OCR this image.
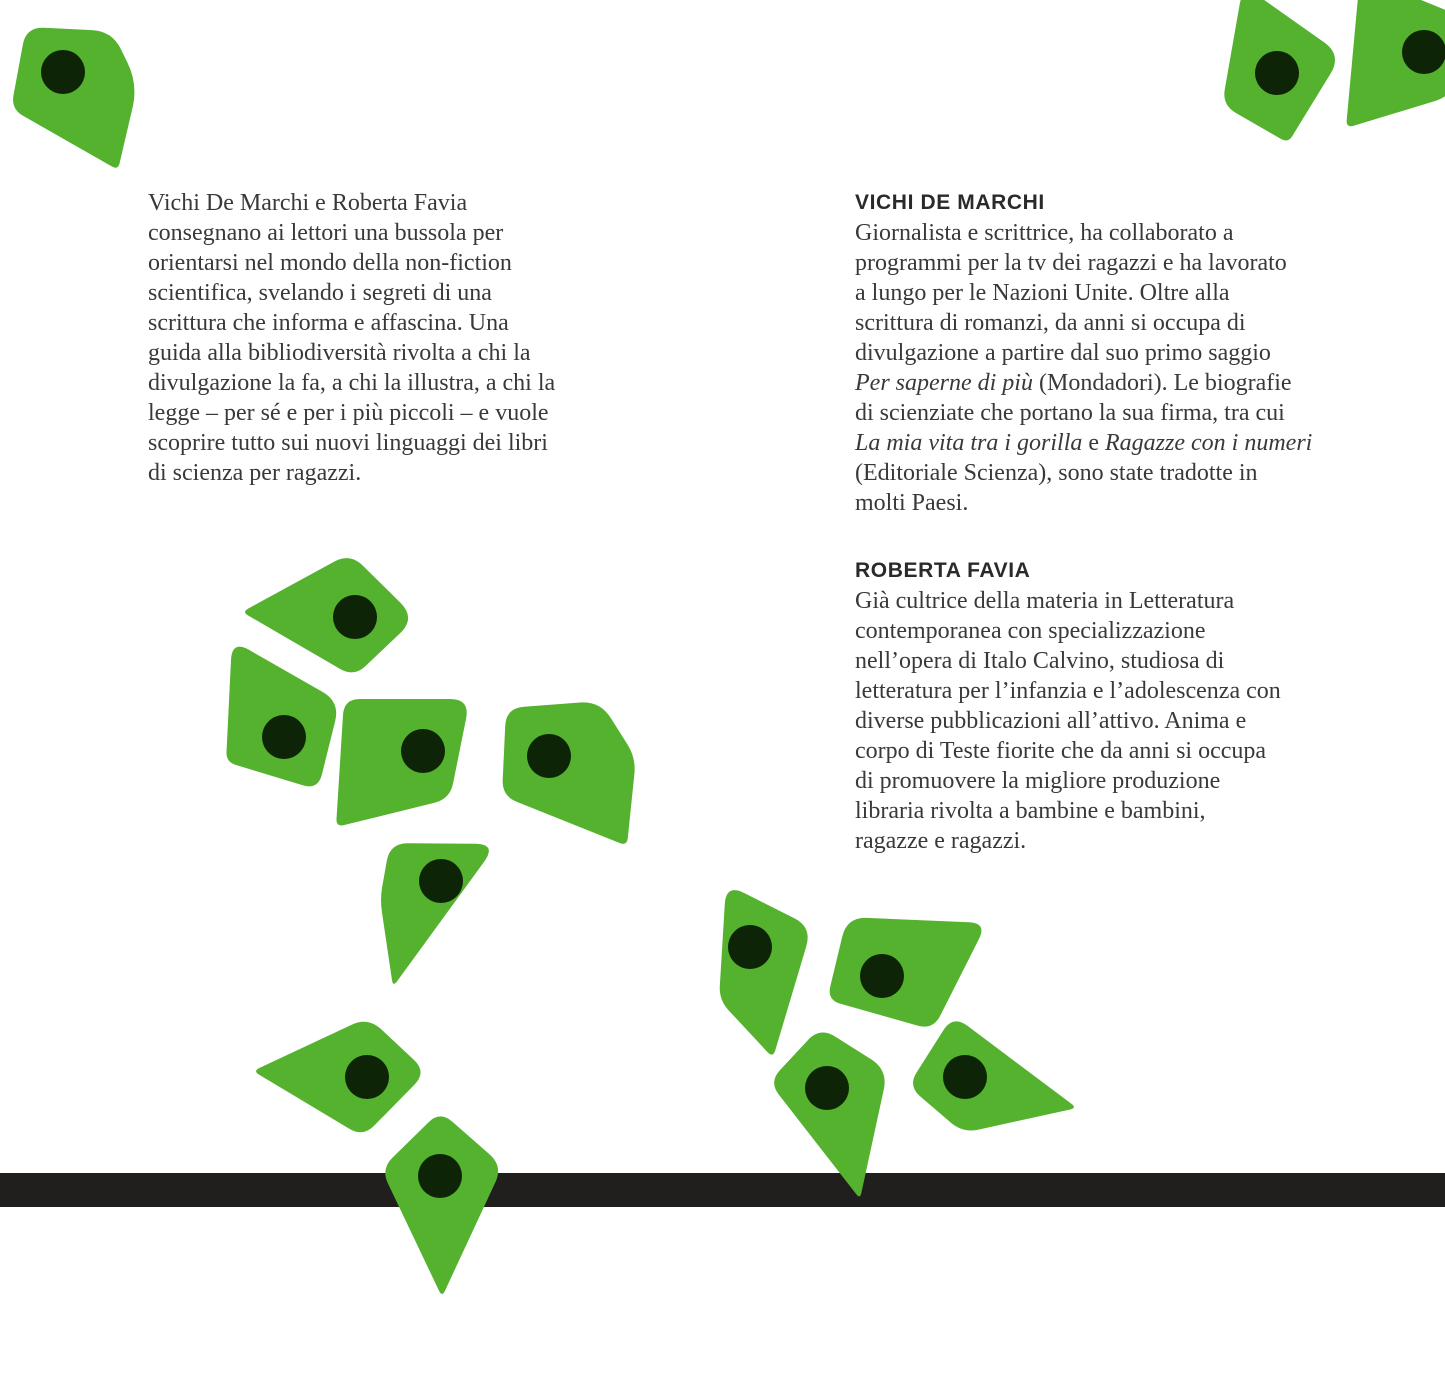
Vichi De Marchi e Roberta Favia
consegnano ai lettori una bussola per
orientarsi nel mondo della non-fiction
scientifica, svelando i segreti di una
scrittura che informa e affascina. Una
guida alla bibliodiversità rivolta a chi la
divulgazione la fa, a chi la illustra, a chi la
legge – per sé e per i più piccoli – e vuole
scoprire tutto sui nuovi linguaggi dei libri
di scienza per ragazzi.
VICHI DE MARCHI
Giornalista e scrittrice, ha collaborato a
programmi per la tv dei ragazzi e ha lavorato
a lungo per le Nazioni Unite. Oltre alla
scrittura di romanzi, da anni si occupa di
divulgazione a partire dal suo primo saggio
Per saperne di più (Mondadori). Le biografie
di scienziate che portano la sua firma, tra cui
La mia vita tra i gorilla e Ragazze con i numeri
(Editoriale Scienza), sono state tradotte in
molti Paesi.
ROBERTA FAVIA
Già cultrice della materia in Letteratura
contemporanea con specializzazione
nell’opera di Italo Calvino, studiosa di
letteratura per l’infanzia e l’adolescenza con
diverse pubblicazioni all’attivo. Anima e
corpo di Teste fiorite che da anni si occupa
di promuovere la migliore produzione
libraria rivolta a bambine e bambini,
ragazze e ragazzi.
